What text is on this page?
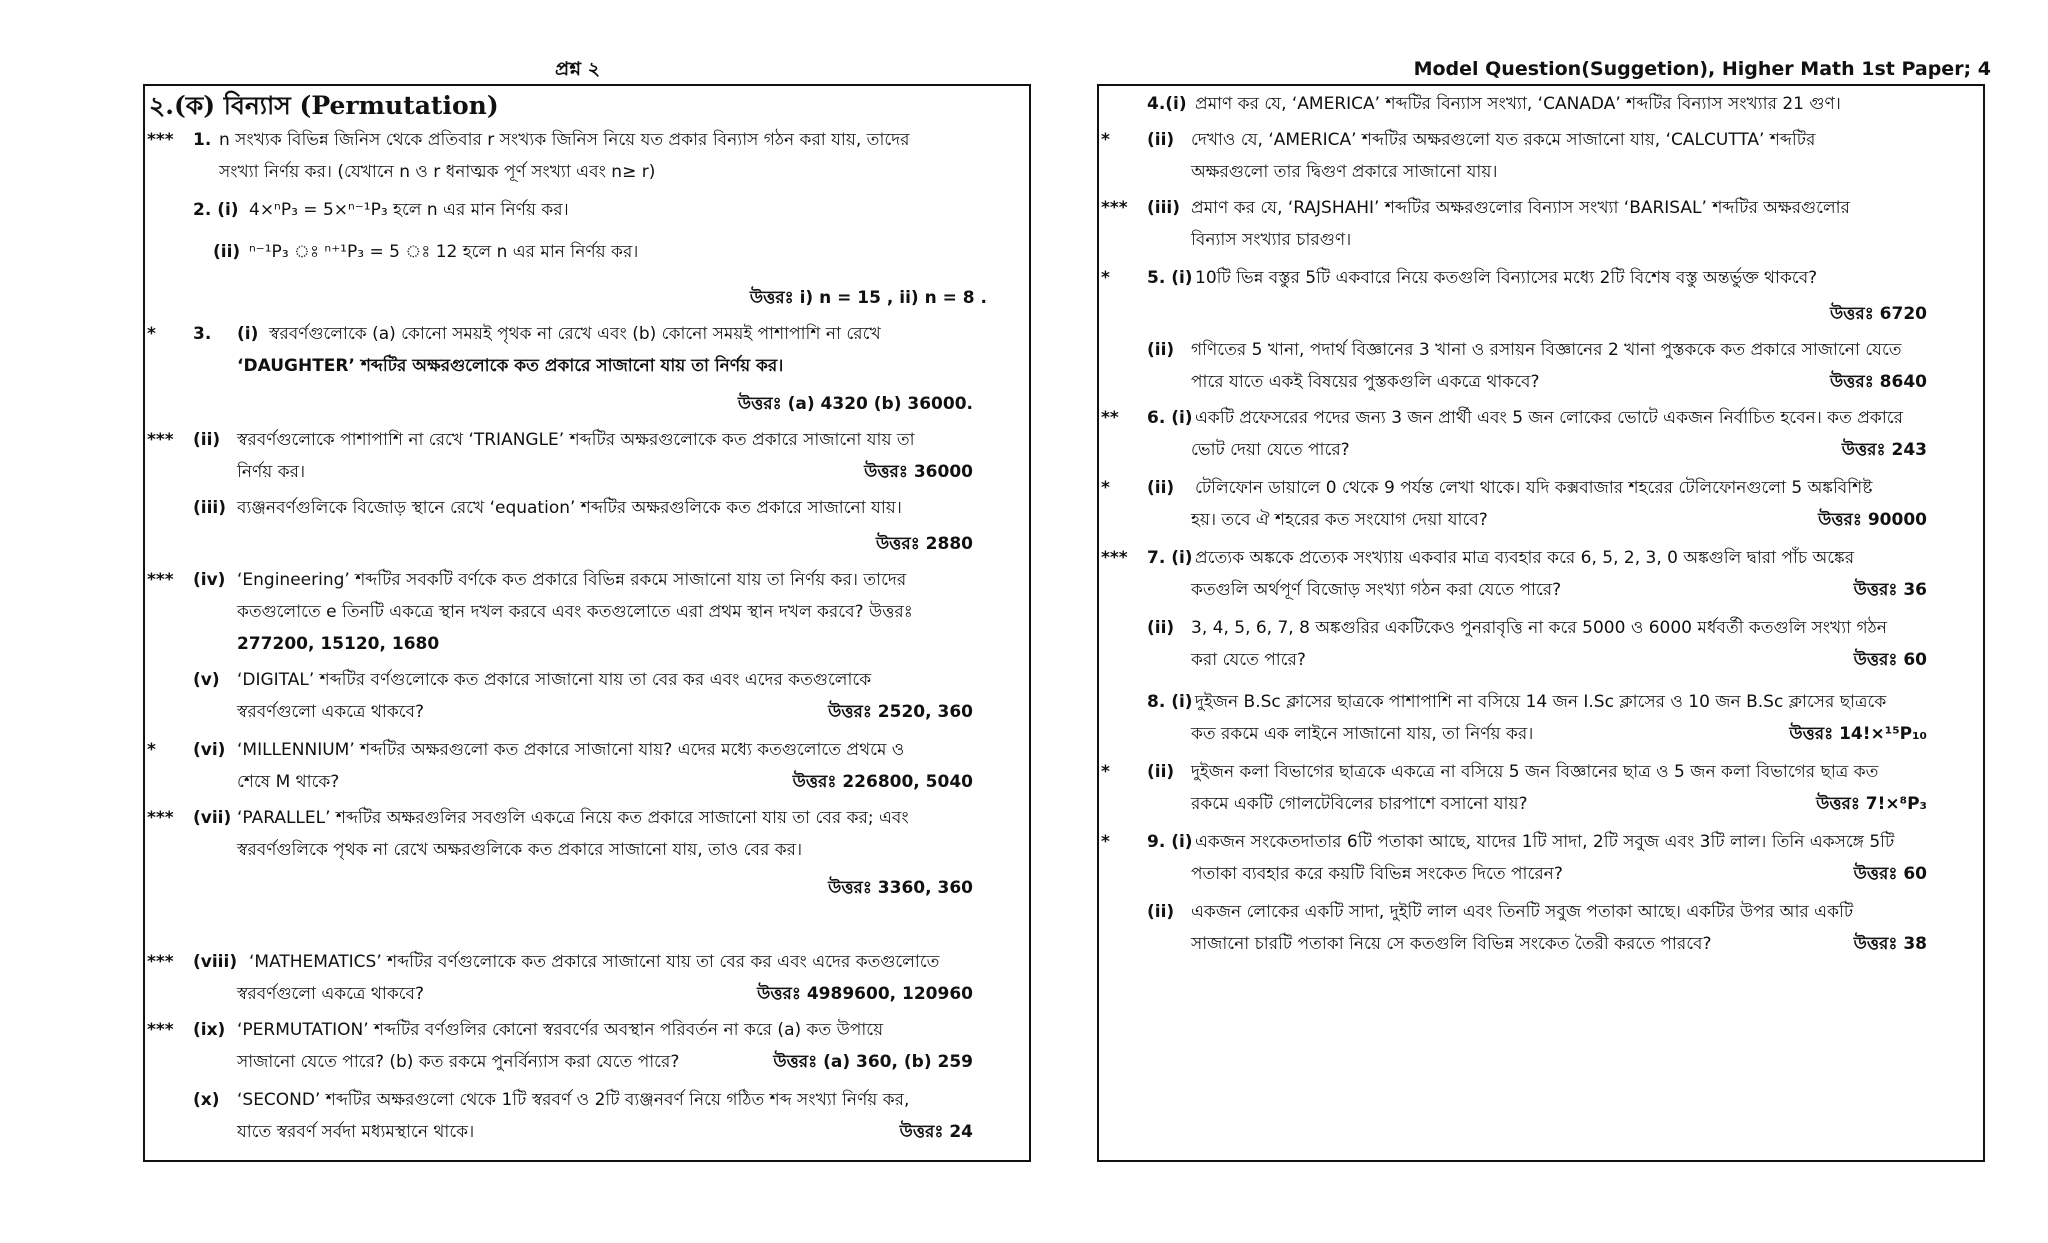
প্রশ্ন ২	Model Question(Suggetion), Higher Math 1st Paper; 4
২.(ক) বিন্যাস (Permutation)
*** 1. n সংখ্যক বিভিন্ন জিনিস থেকে প্রতিবার r সংখ্যক জিনিস নিয়ে যত প্রকার বিন্যাস গঠন করা যায়, তাদের
সংখ্যা নির্ণয় কর। (যেখানে n ও r ধনাত্মক পূর্ণ সংখ্যা এবং n≥ r)
2. (i) 4×ⁿP₃ = 5×ⁿ⁻¹P₃ হলে n এর মান নির্ণয় কর।
(ii) ⁿ⁻¹P₃ ঃ ⁿ⁺¹P₃ = 5 ঃ 12 হলে n এর মান নির্ণয় কর।
উত্তরঃ i) n = 15 , ii) n = 8 .
* 3. (i) স্বরবর্ণগুলোকে (a) কোনো সময়ই পৃথক না রেখে এবং (b) কোনো সময়ই পাশাপাশি না রেখে
‘DAUGHTER’ শব্দটির অক্ষরগুলোকে কত প্রকারে সাজানো যায় তা নির্ণয় কর।
উত্তরঃ (a) 4320 (b) 36000.
*** (ii) স্বরবর্ণগুলোকে পাশাপাশি না রেখে ‘TRIANGLE’ শব্দটির অক্ষরগুলোকে কত প্রকারে সাজানো যায় তা
নির্ণয় কর।	উত্তরঃ 36000
(iii) ব্যঞ্জনবর্ণগুলিকে বিজোড় স্থানে রেখে ‘equation’ শব্দটির অক্ষরগুলিকে কত প্রকারে সাজানো যায়।
উত্তরঃ 2880
*** (iv) ‘Engineering’ শব্দটির সবকটি বর্ণকে কত প্রকারে বিভিন্ন রকমে সাজানো যায় তা নির্ণয় কর। তাদের
কতগুলোতে e তিনটি একত্রে স্থান দখল করবে এবং কতগুলোতে এরা প্রথম স্থান দখল করবে? উত্তরঃ
277200, 15120, 1680
(v) ‘DIGITAL’ শব্দটির বর্ণগুলোকে কত প্রকারে সাজানো যায় তা বের কর এবং এদের কতগুলোকে
স্বরবর্ণগুলো একত্রে থাকবে?	উত্তরঃ 2520, 360
* (vi) ‘MILLENNIUM’ শব্দটির অক্ষরগুলো কত প্রকারে সাজানো যায়? এদের মধ্যে কতগুলোতে প্রথমে ও
শেষে M থাকে?	উত্তরঃ 226800, 5040
*** (vii) ‘PARALLEL’ শব্দটির অক্ষরগুলির সবগুলি একত্রে নিয়ে কত প্রকারে সাজানো যায় তা বের কর; এবং
স্বরবর্ণগুলিকে পৃথক না রেখে অক্ষরগুলিকে কত প্রকারে সাজানো যায়, তাও বের কর।
উত্তরঃ 3360, 360
*** (viii) ‘MATHEMATICS’ শব্দটির বর্ণগুলোকে কত প্রকারে সাজানো যায় তা বের কর এবং এদের কতগুলোতে
স্বরবর্ণগুলো একত্রে থাকবে?	উত্তরঃ 4989600, 120960
*** (ix) ‘PERMUTATION’ শব্দটির বর্ণগুলির কোনো স্বরবর্ণের অবস্থান পরিবর্তন না করে (a) কত উপায়ে
সাজানো যেতে পারে? (b) কত রকমে পুনর্বিন্যাস করা যেতে পারে?	উত্তরঃ (a) 360, (b) 259
(x) ‘SECOND’ শব্দটির অক্ষরগুলো থেকে 1টি স্বরবর্ণ ও 2টি ব্যঞ্জনবর্ণ নিয়ে গঠিত শব্দ সংখ্যা নির্ণয় কর,
যাতে স্বরবর্ণ সর্বদা মধ্যমস্থানে থাকে।	উত্তরঃ 24
4.(i) প্রমাণ কর যে, ‘AMERICA’ শব্দটির বিন্যাস সংখ্যা, ‘CANADA’ শব্দটির বিন্যাস সংখ্যার 21 গুণ।
* (ii) দেখাও যে, ‘AMERICA’ শব্দটির অক্ষরগুলো যত রকমে সাজানো যায়, ‘CALCUTTA’ শব্দটির
অক্ষরগুলো তার দ্বিগুণ প্রকারে সাজানো যায়।
*** (iii) প্রমাণ কর যে, ‘RAJSHAHI’ শব্দটির অক্ষরগুলোর বিন্যাস সংখ্যা ‘BARISAL’ শব্দটির অক্ষরগুলোর
বিন্যাস সংখ্যার চারগুণ।
* 5. (i) 10টি ভিন্ন বস্তুর 5টি একবারে নিয়ে কতগুলি বিন্যাসের মধ্যে 2টি বিশেষ বস্তু অন্তর্ভুক্ত থাকবে?
উত্তরঃ 6720
(ii) গণিতের 5 খানা, পদার্থ বিজ্ঞানের 3 খানা ও রসায়ন বিজ্ঞানের 2 খানা পুস্তককে কত প্রকারে সাজানো যেতে
পারে যাতে একই বিষয়ের পুস্তকগুলি একত্রে থাকবে?	উত্তরঃ 8640
** 6. (i) একটি প্রফেসরের পদের জন্য 3 জন প্রার্থী এবং 5 জন লোকের ভোটে একজন নির্বাচিত হবেন। কত প্রকারে
ভোট দেয়া যেতে পারে?	উত্তরঃ 243
* (ii) টেলিফোন ডায়ালে 0 থেকে 9 পর্যন্ত লেখা থাকে। যদি কক্সবাজার শহরের টেলিফোনগুলো 5 অঙ্কবিশিষ্ট
হয়। তবে ঐ শহরের কত সংযোগ দেয়া যাবে?	উত্তরঃ 90000
*** 7. (i) প্রত্যেক অঙ্ককে প্রত্যেক সংখ্যায় একবার মাত্র ব্যবহার করে 6, 5, 2, 3, 0 অঙ্কগুলি দ্বারা পাঁচ অঙ্কের
কতগুলি অর্থপূর্ণ বিজোড় সংখ্যা গঠন করা যেতে পারে?	উত্তরঃ 36
(ii) 3, 4, 5, 6, 7, 8 অঙ্কগুরির একটিকেও পুনরাবৃত্তি না করে 5000 ও 6000 মর্ধবর্তী কতগুলি সংখ্যা গঠন
করা যেতে পারে?	উত্তরঃ 60
8. (i) দুইজন B.Sc ক্লাসের ছাত্রকে পাশাপাশি না বসিয়ে 14 জন I.Sc ক্লাসের ও 10 জন B.Sc ক্লাসের ছাত্রকে
কত রকমে এক লাইনে সাজানো যায়, তা নির্ণয় কর।	উত্তরঃ 14!×¹⁵P₁₀
* (ii) দুইজন কলা বিভাগের ছাত্রকে একত্রে না বসিয়ে 5 জন বিজ্ঞানের ছাত্র ও 5 জন কলা বিভাগের ছাত্র কত
রকমে একটি গোলটেবিলের চারপাশে বসানো যায়?	উত্তরঃ 7!×⁸P₃
* 9. (i) একজন সংকেতদাতার 6টি পতাকা আছে, যাদের 1টি সাদা, 2টি সবুজ এবং 3টি লাল। তিনি একসঙ্গে 5টি
পতাকা ব্যবহার করে কয়টি বিভিন্ন সংকেত দিতে পারেন?	উত্তরঃ 60
(ii) একজন লোকের একটি সাদা, দুইটি লাল এবং তিনটি সবুজ পতাকা আছে। একটির উপর আর একটি
সাজানো চারটি পতাকা নিয়ে সে কতগুলি বিভিন্ন সংকেত তৈরী করতে পারবে?	উত্তরঃ 38
